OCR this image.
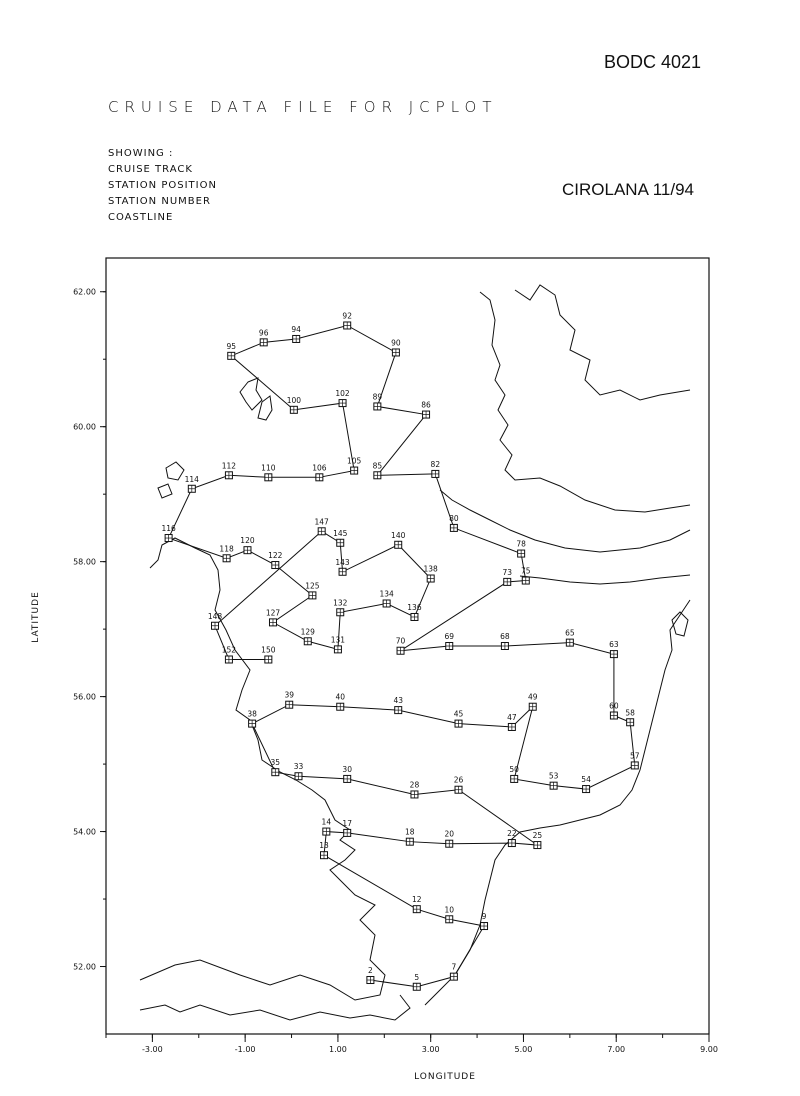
BODC 4021
CRUISE DATA FILE FOR JCPLOT
SHOWING :
CRUISE TRACK
STATION POSITION
STATION NUMBER
COASTLINE
CIROLANA 11/94
-3.00	-1.00	1.00	3.00	5.00	7.00	9.00
62.00
60.00
58.00
56.00
54.00
52.00	2
5
7
9
10
12
13
14 17
18	20	22 25
26
28
30
33
35
38
39	40	43
45	47
49
50
53	54
57
58
60
63
65
68
69
70
73 75
78
80
82
85
86
89
90
92
94
95
96
100
102
105
106
110
112
114
116
118
120
122
125
127
129
131
132
134
136
138
140
143
145
147
148
150
152
LATITUDE
LONGITUDE
